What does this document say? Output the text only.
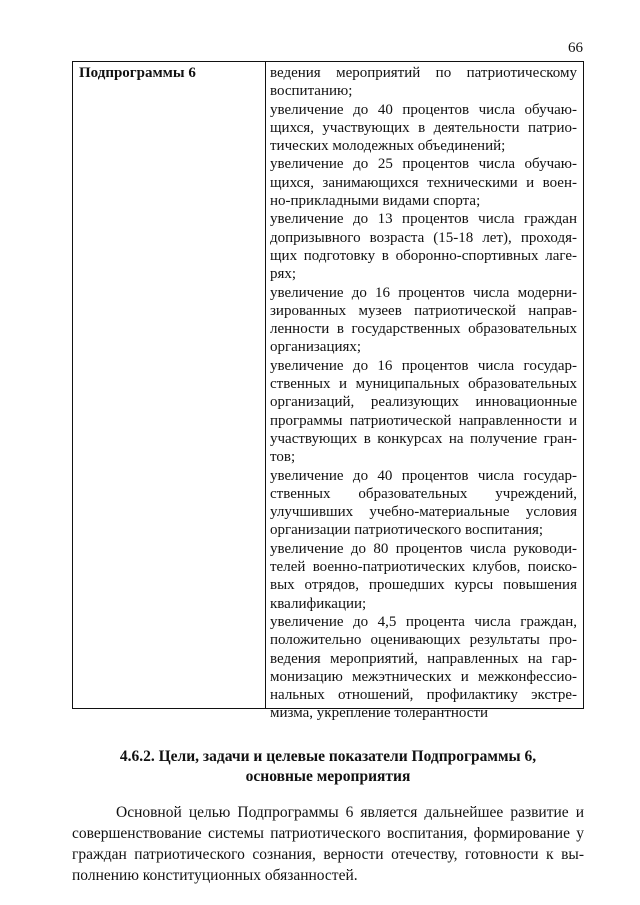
66
Подпрограммы 6	ведения мероприятий по патриотическому
воспитанию;
увеличение до 40 процентов числа обучаю-
щихся, участвующих в деятельности патрио-
тических молодежных объединений;
увеличение до 25 процентов числа обучаю-
щихся, занимающихся техническими и воен-
но-прикладными видами спорта;
увеличение до 13 процентов числа граждан
допризывного возраста (15-18 лет), проходя-
щих подготовку в оборонно-спортивных лаге-
рях;
увеличение до 16 процентов числа модерни-
зированных музеев патриотической направ-
ленности в государственных образовательных
организациях;
увеличение до 16 процентов числа государ-
ственных и муниципальных образовательных
организаций, реализующих инновационные
программы патриотической направленности и
участвующих в конкурсах на получение гран-
тов;
увеличение до 40 процентов числа государ-
ственных образовательных учреждений,
улучшивших учебно-материальные условия
организации патриотического воспитания;
увеличение до 80 процентов числа руководи-
телей военно-патриотических клубов, поиско-
вых отрядов, прошедших курсы повышения
квалификации;
увеличение до 4,5 процента числа граждан,
положительно оценивающих результаты про-
ведения мероприятий, направленных на гар-
монизацию межэтнических и межконфесcио-
нальных отношений, профилактику экстре-
мизма, укрепление толерантности
4.6.2. Цели, задачи и целевые показатели Подпрограммы 6,
основные мероприятия
Основной целью Подпрограммы 6 является дальнейшее развитие и
совершенствование системы патриотического воспитания, формирование у
граждан патриотического сознания, верности отечеству, готовности к вы-
полнению конституционных обязанностей.
